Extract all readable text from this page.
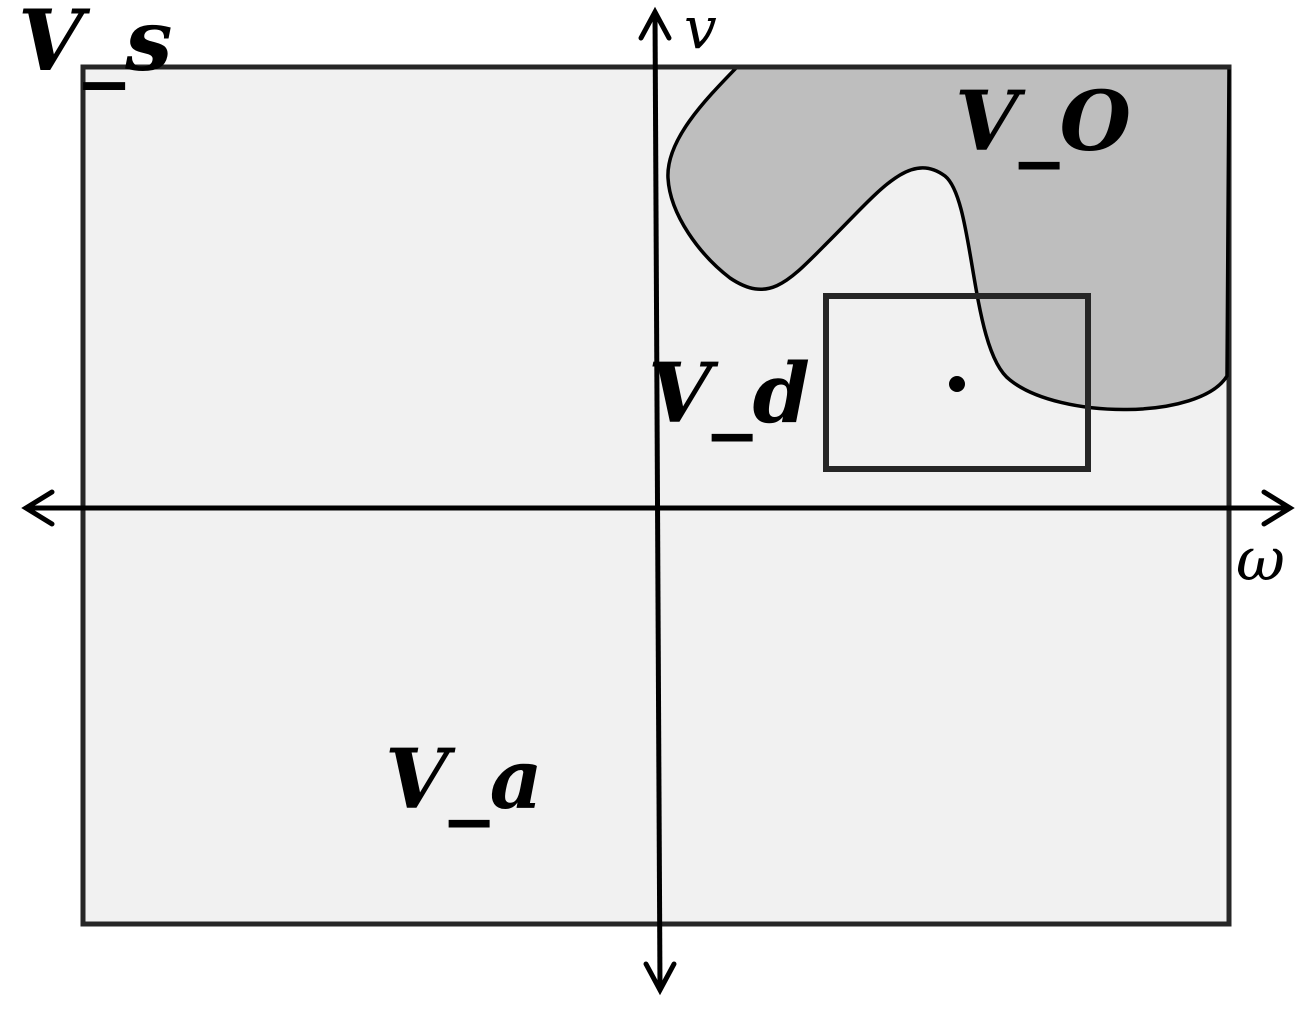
V_s
V_O
V_d
V_a
ω
v
